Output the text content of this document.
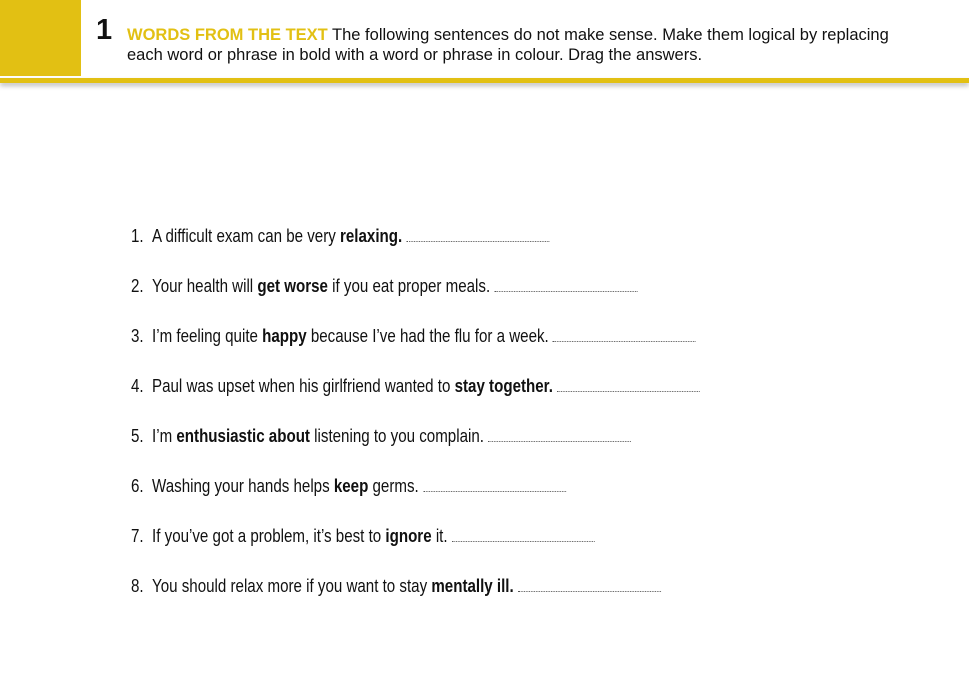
1 WORDS FROM THE TEXT The following sentences do not make sense. Make them logical by replacing each word or phrase in bold with a word or phrase in colour. Drag the answers.
1. A difficult exam can be very relaxing.
2. Your health will get worse if you eat proper meals.
3. I’m feeling quite happy because I’ve had the flu for a week.
4. Paul was upset when his girlfriend wanted to stay together.
5. I’m enthusiastic about listening to you complain.
6. Washing your hands helps keep germs.
7. If you’ve got a problem, it’s best to ignore it.
8. You should relax more if you want to stay mentally ill.
